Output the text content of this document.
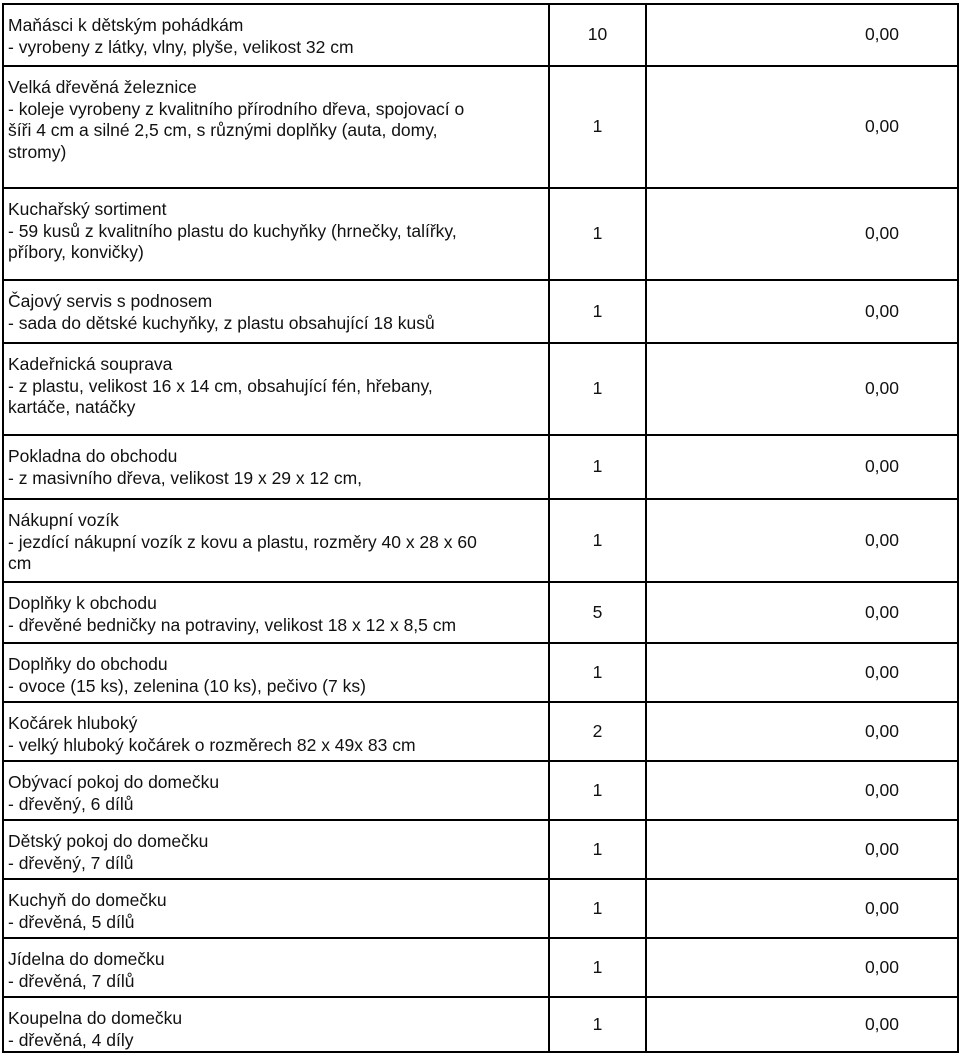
Maňásci k dětským pohádkám
- vyrobeny z látky, vlny, plyše, velikost 32 cm	10	0,00

Velká dřevěná železnice
- koleje vyrobeny z kvalitního přírodního dřeva, spojovací o
šíři 4 cm a silné 2,5 cm, s různými doplňky (auta, domy,
stromy)	1	0,00

Kuchařský sortiment
- 59 kusů z kvalitního plastu do kuchyňky (hrnečky, talířky,
příbory, konvičky)	1	0,00

Čajový servis s podnosem
- sada do dětské kuchyňky, z plastu obsahující 18 kusů	1	0,00

Kadeřnická souprava
- z plastu, velikost 16 x 14 cm, obsahující fén, hřebany,
kartáče, natáčky	1	0,00

Pokladna do obchodu
- z masivního dřeva, velikost 19 x 29 x 12 cm,	1	0,00

Nákupní vozík
- jezdící nákupní vozík z kovu a plastu, rozměry 40 x 28 x 60
cm	1	0,00

Doplňky k obchodu
- dřevěné bedničky na potraviny, velikost 18 x 12 x 8,5 cm	5	0,00

Doplňky do obchodu
- ovoce (15 ks), zelenina (10 ks), pečivo (7 ks)	1	0,00

Kočárek hluboký
- velký hluboký kočárek o rozměrech 82 x 49x 83 cm	2	0,00

Obývací pokoj do domečku
- dřevěný, 6 dílů	1	0,00

Dětský pokoj do domečku
- dřevěný, 7 dílů	1	0,00

Kuchyň do domečku
- dřevěná, 5 dílů	1	0,00

Jídelna do domečku
- dřevěná, 7 dílů	1	0,00

Koupelna do domečku
- dřevěná, 4 díly	1	0,00
